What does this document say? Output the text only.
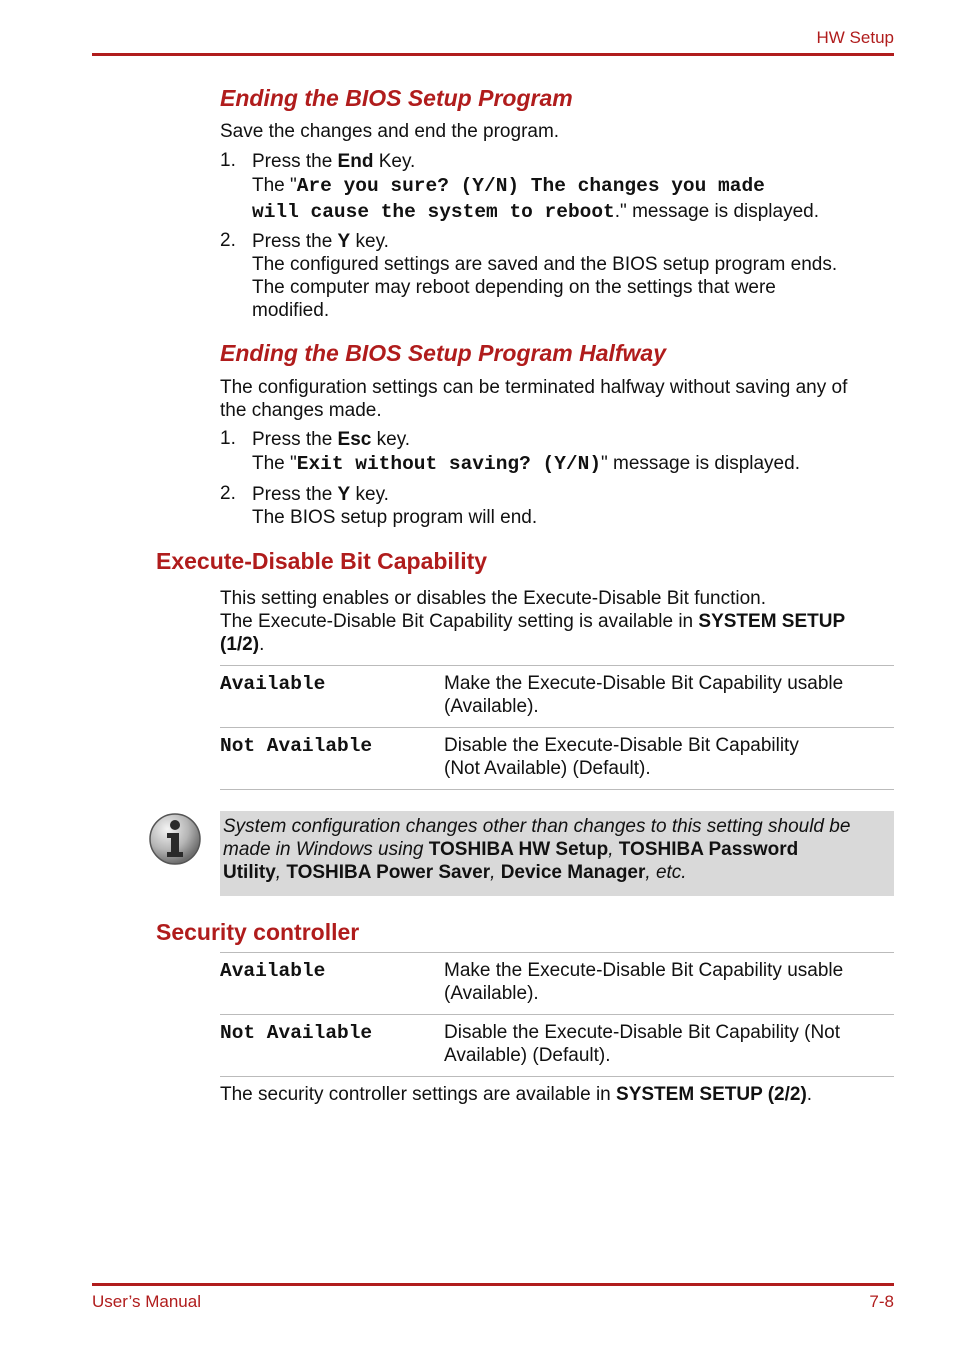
HW Setup
User’s Manual	7-8
Ending the BIOS Setup Program
Save the changes and end the program.
1. Press the End Key.
The "Are you sure? (Y/N) The changes you made
will cause the system to reboot." message is displayed.
2. Press the Y key.
The configured settings are saved and the BIOS setup program ends.
The computer may reboot depending on the settings that were
modified.
Ending the BIOS Setup Program Halfway
The configuration settings can be terminated halfway without saving any of
the changes made.
1. Press the Esc key.
The "Exit without saving? (Y/N)" message is displayed.
2. Press the Y key.
The BIOS setup program will end.
Execute-Disable Bit Capability
This setting enables or disables the Execute-Disable Bit function.
The Execute-Disable Bit Capability setting is available in SYSTEM SETUP
(1/2).
Available	Make the Execute-Disable Bit Capability usable
(Available).

Not Available	Disable the Execute-Disable Bit Capability
(Not Available) (Default).
System configuration changes other than changes to this setting should be
made in Windows using TOSHIBA HW Setup, TOSHIBA Password
Utility, TOSHIBA Power Saver, Device Manager, etc.
Security controller
Available	Make the Execute-Disable Bit Capability usable
(Available).

Not Available	Disable the Execute-Disable Bit Capability (Not
Available) (Default).
The security controller settings are available in SYSTEM SETUP (2/2).
